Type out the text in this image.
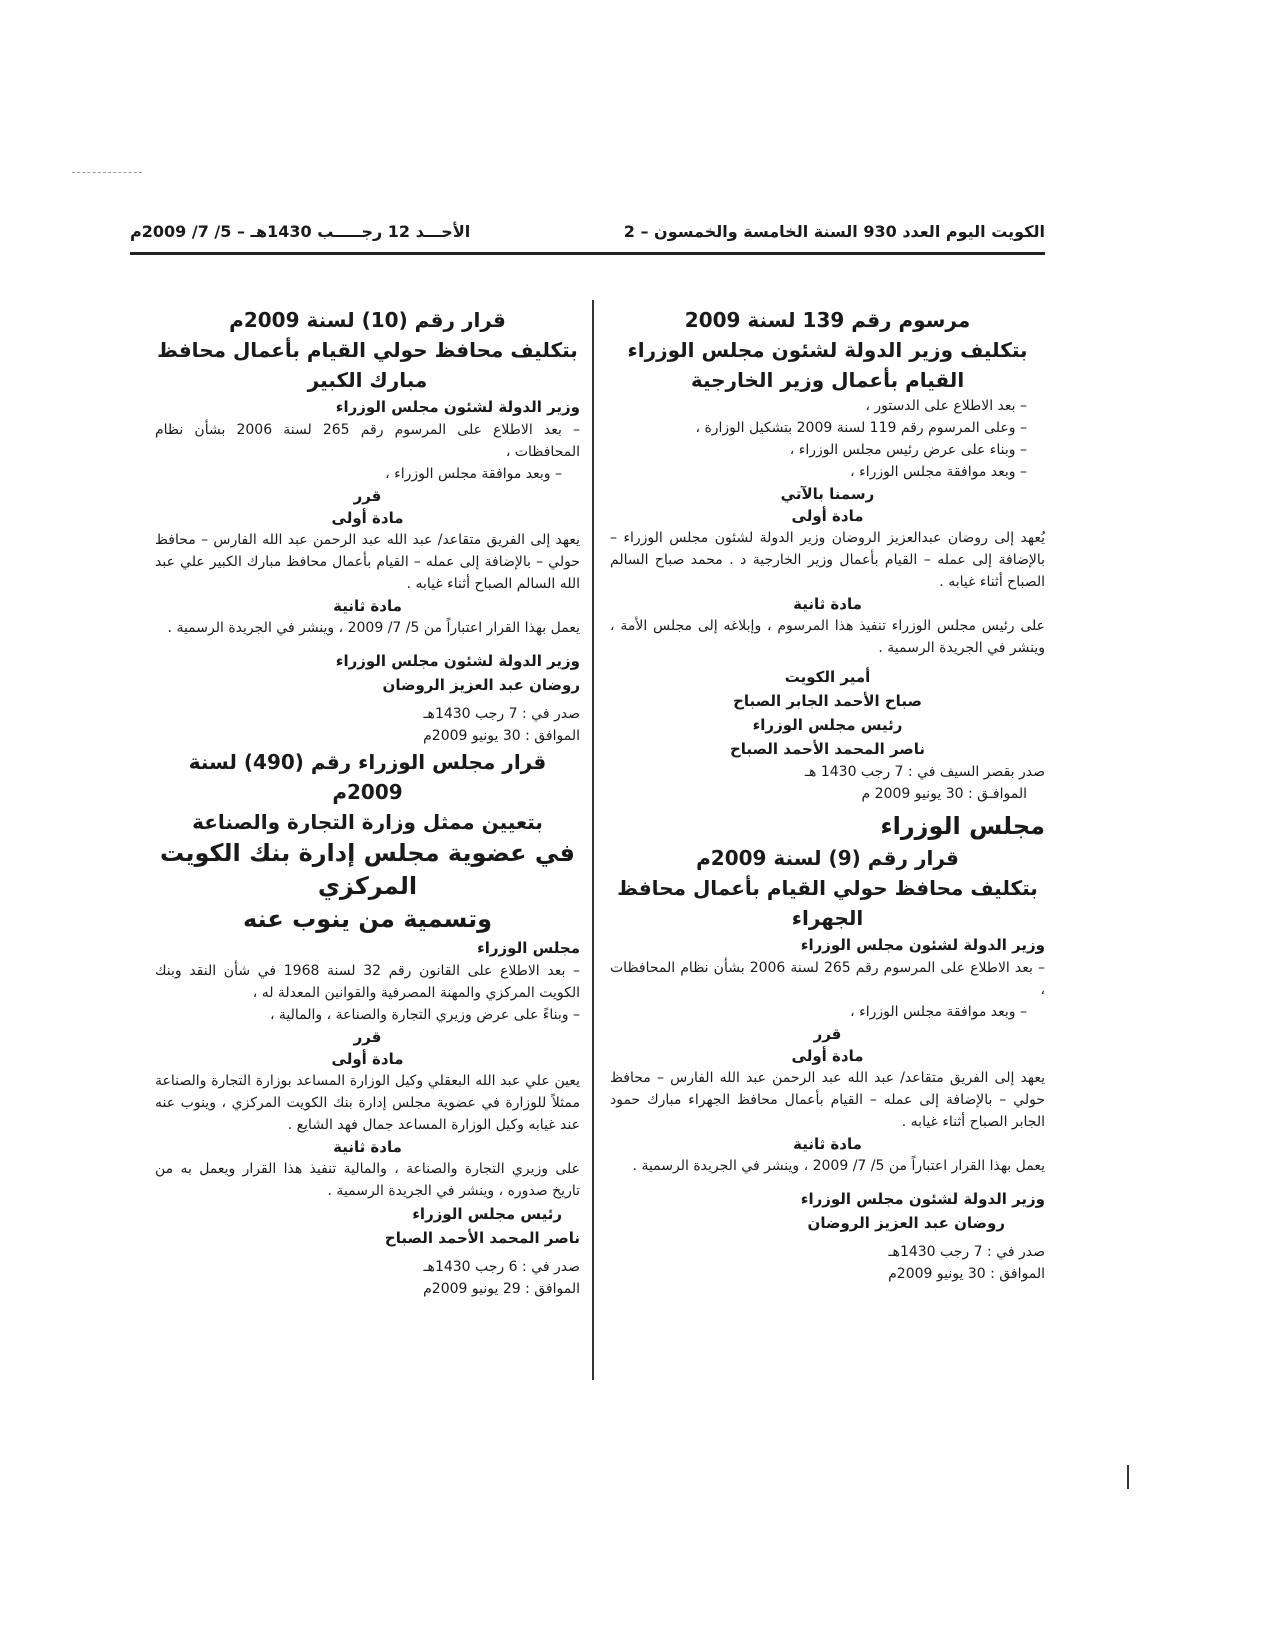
الكويت اليوم العدد 930 السنة الخامسة والخمسون – 2
الأحـــد 12 رجـــــب 1430هـ – 5/ 7/ 2009م

مرسوم رقم 139 لسنة 2009

بتكليف وزير الدولة لشئون مجلس الوزراء

القيام بأعمال وزير الخارجية

– بعد الاطلاع على الدستور ،

– وعلى المرسوم رقم 119 لسنة 2009 بتشكيل الوزارة ،

– وبناء على عرض رئيس مجلس الوزراء ،

– وبعد موافقة مجلس الوزراء ،

رسمنا بالآتي

مادة أولى

يُعهد إلى روضان عبدالعزيز الروضان وزير الدولة لشئون مجلس الوزراء – بالإضافة إلى عمله – القيام بأعمال وزير الخارجية د . محمد صباح السالم الصباح أثناء غيابه .

مادة ثانية

على رئيس مجلس الوزراء تنفيذ هذا المرسوم ، وإبلاغه إلى مجلس الأمة ، وينشر في الجريدة الرسمية .

أمير الكويت

صباح الأحمد الجابر الصباح

رئيس مجلس الوزراء

ناصر المحمد الأحمد الصباح

صدر بقصر السيف في : 7 رجب 1430 هـ

الموافـق : 30 يونيو 2009 م

مجلس الوزراء

قرار رقم (9) لسنة 2009م

بتكليف محافظ حولي القيام بأعمال محافظ

الجهراء

وزير الدولة لشئون مجلس الوزراء

– بعد الاطلاع على المرسوم رقم 265 لسنة 2006 بشأن نظام المحافظات ،

– وبعد موافقة مجلس الوزراء ،

قرر

مادة أولى

يعهد إلى الفريق متقاعد/ عبد الله عبد الرحمن عبد الله الفارس – محافظ حولي – بالإضافة إلى عمله – القيام بأعمال محافظ الجهراء مبارك حمود الجابر الصباح أثناء غيابه .

مادة ثانية

يعمل بهذا القرار اعتباراً من 5/ 7/ 2009 ، وينشر في الجريدة الرسمية .

وزير الدولة لشئون مجلس الوزراء

روضان عبد العزيز الروضان

صدر في : 7 رجب 1430هـ

الموافق : 30 يونيو 2009م

قرار رقم (10) لسنة 2009م

بتكليف محافظ حولي القيام بأعمال محافظ

مبارك الكبير

وزير الدولة لشئون مجلس الوزراء

– بعد الاطلاع على المرسوم رقم 265 لسنة 2006 بشأن نظام المحافظات ،

– وبعد موافقة مجلس الوزراء ،

قرر

مادة أولى

يعهد إلى الفريق متقاعد/ عبد الله عبد الرحمن عبد الله الفارس – محافظ حولي – بالإضافة إلى عمله – القيام بأعمال محافظ مبارك الكبير علي عبد الله السالم الصباح أثناء غيابه .

مادة ثانية

يعمل بهذا القرار اعتباراً من 5/ 7/ 2009 ، وينشر في الجريدة الرسمية .

وزير الدولة لشئون مجلس الوزراء

روضان عبد العزيز الروضان

صدر في : 7 رجب 1430هـ

الموافق : 30 يونيو 2009م

قرار مجلس الوزراء رقم (490) لسنة 2009م

بتعيين ممثل وزارة التجارة والصناعة

في عضوية مجلس إدارة بنك الكويت المركزي

وتسمية من ينوب عنه

مجلس الوزراء

– بعد الاطلاع على القانون رقم 32 لسنة 1968 في شأن النقد وبنك الكويت المركزي والمهنة المصرفية والقوانين المعدلة له ،

– وبناءً على عرض وزيري التجارة والصناعة ، والمالية ،

قرر

مادة أولى

يعين علي عبد الله البعقلي وكيل الوزارة المساعد بوزارة التجارة والصناعة ممثلاً للوزارة في عضوية مجلس إدارة بنك الكويت المركزي ، وينوب عنه عند غيابه وكيل الوزارة المساعد جمال فهد الشايع .

مادة ثانية

على وزيري التجارة والصناعة ، والمالية تنفيذ هذا القرار ويعمل به من تاريخ صدوره ، وينشر في الجريدة الرسمية .

رئيس مجلس الوزراء

ناصر المحمد الأحمد الصباح

صدر في : 6 رجب 1430هـ

الموافق : 29 يونيو 2009م
